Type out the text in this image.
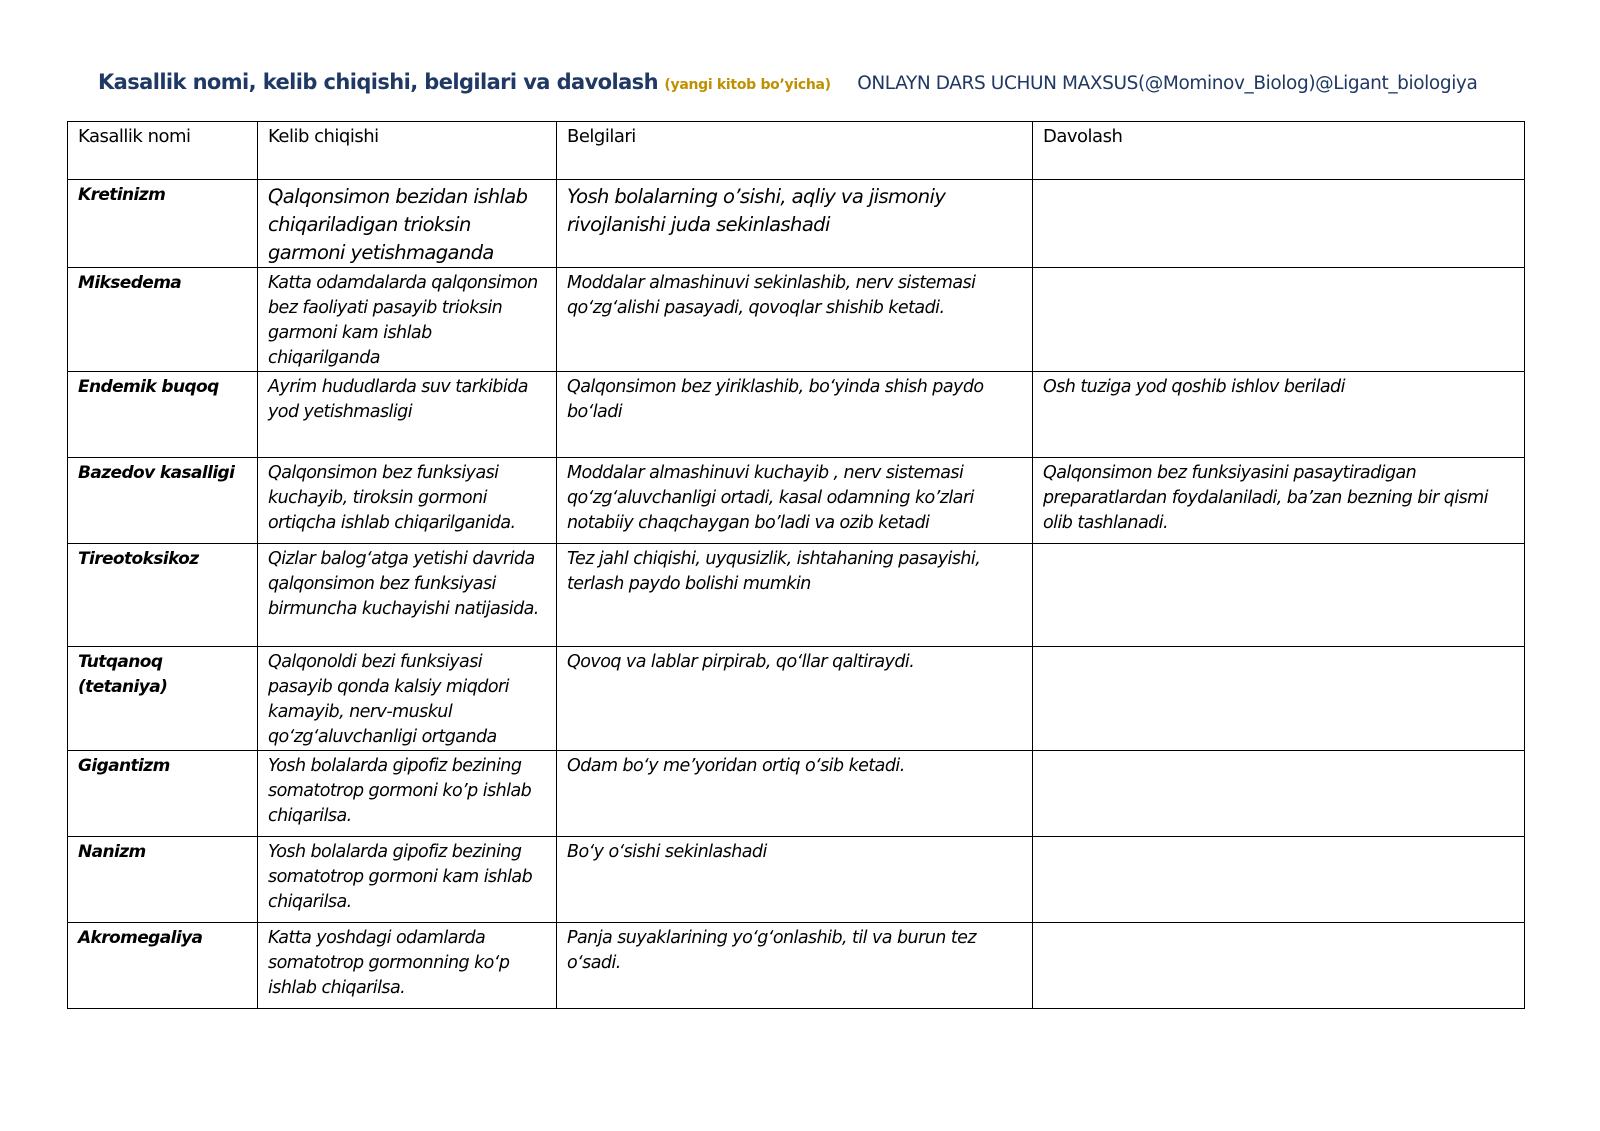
Kasallik nomi, kelib chiqishi, belgilari va davolash (yangi kitob bo’yicha) ONLAYN DARS UCHUN MAXSUS(@Mominov_Biolog)@Ligant_biologiya
Kasallik nomi	Kelib chiqishi	Belgilari	Davolash
Kretinizm	Qalqonsimon bezidan ishlab chiqariladigan trioksin garmoni yetishmaganda	Yosh bolalarning o’sishi, aqliy va jismoniy rivojlanishi juda sekinlashadi	
Miksedema	Katta odamdalarda qalqonsimon bez faoliyati pasayib trioksin garmoni kam ishlab chiqarilganda	Moddalar almashinuvi sekinlashib, nerv sistemasi qo‘zg‘alishi pasayadi, qovoqlar shishib ketadi.	
Endemik buqoq	Ayrim hududlarda suv tarkibida yod yetishmasligi	Qalqonsimon bez yiriklashib, bo‘yinda shish paydo bo‘ladi	Osh tuziga yod qoshib ishlov beriladi
Bazedov kasalligi	Qalqonsimon bez funksiyasi kuchayib, tiroksin gormoni ortiqcha ishlab chiqarilganida.	Moddalar almashinuvi kuchayib , nerv sistemasi qo‘zg‘aluvchanligi ortadi, kasal odamning ko’zlari notabiiy chaqchaygan bo’ladi va ozib ketadi	Qalqonsimon bez funksiyasini pasaytiradigan preparatlardan foydalaniladi, ba’zan bezning bir qismi olib tashlanadi.
Tireotoksikoz	Qizlar balog‘atga yetishi davrida qalqonsimon bez funksiyasi birmuncha kuchayishi natijasida.	Tez jahl chiqishi, uyqusizlik, ishtahaning pasayishi, terlash paydo bolishi mumkin	
Tutqanoq (tetaniya)	Qalqonoldi bezi funksiyasi pasayib qonda kalsiy miqdori kamayib, nerv-muskul qo‘zg‘aluvchanligi ortganda	Qovoq va lablar pirpirab, qo‘llar qaltiraydi.	
Gigantizm	Yosh bolalarda gipofiz bezining somatotrop gormoni ko’p ishlab chiqarilsa.	Odam bo‘y me’yoridan ortiq o‘sib ketadi.	
Nanizm	Yosh bolalarda gipofiz bezining somatotrop gormoni kam ishlab chiqarilsa.	Bo‘y o‘sishi sekinlashadi	
Akromegaliya	Katta yoshdagi odamlarda somatotrop gormonning ko‘p ishlab chiqarilsa.	Panja suyaklarining yo‘g‘onlashib, til va burun tez o‘sadi.	
